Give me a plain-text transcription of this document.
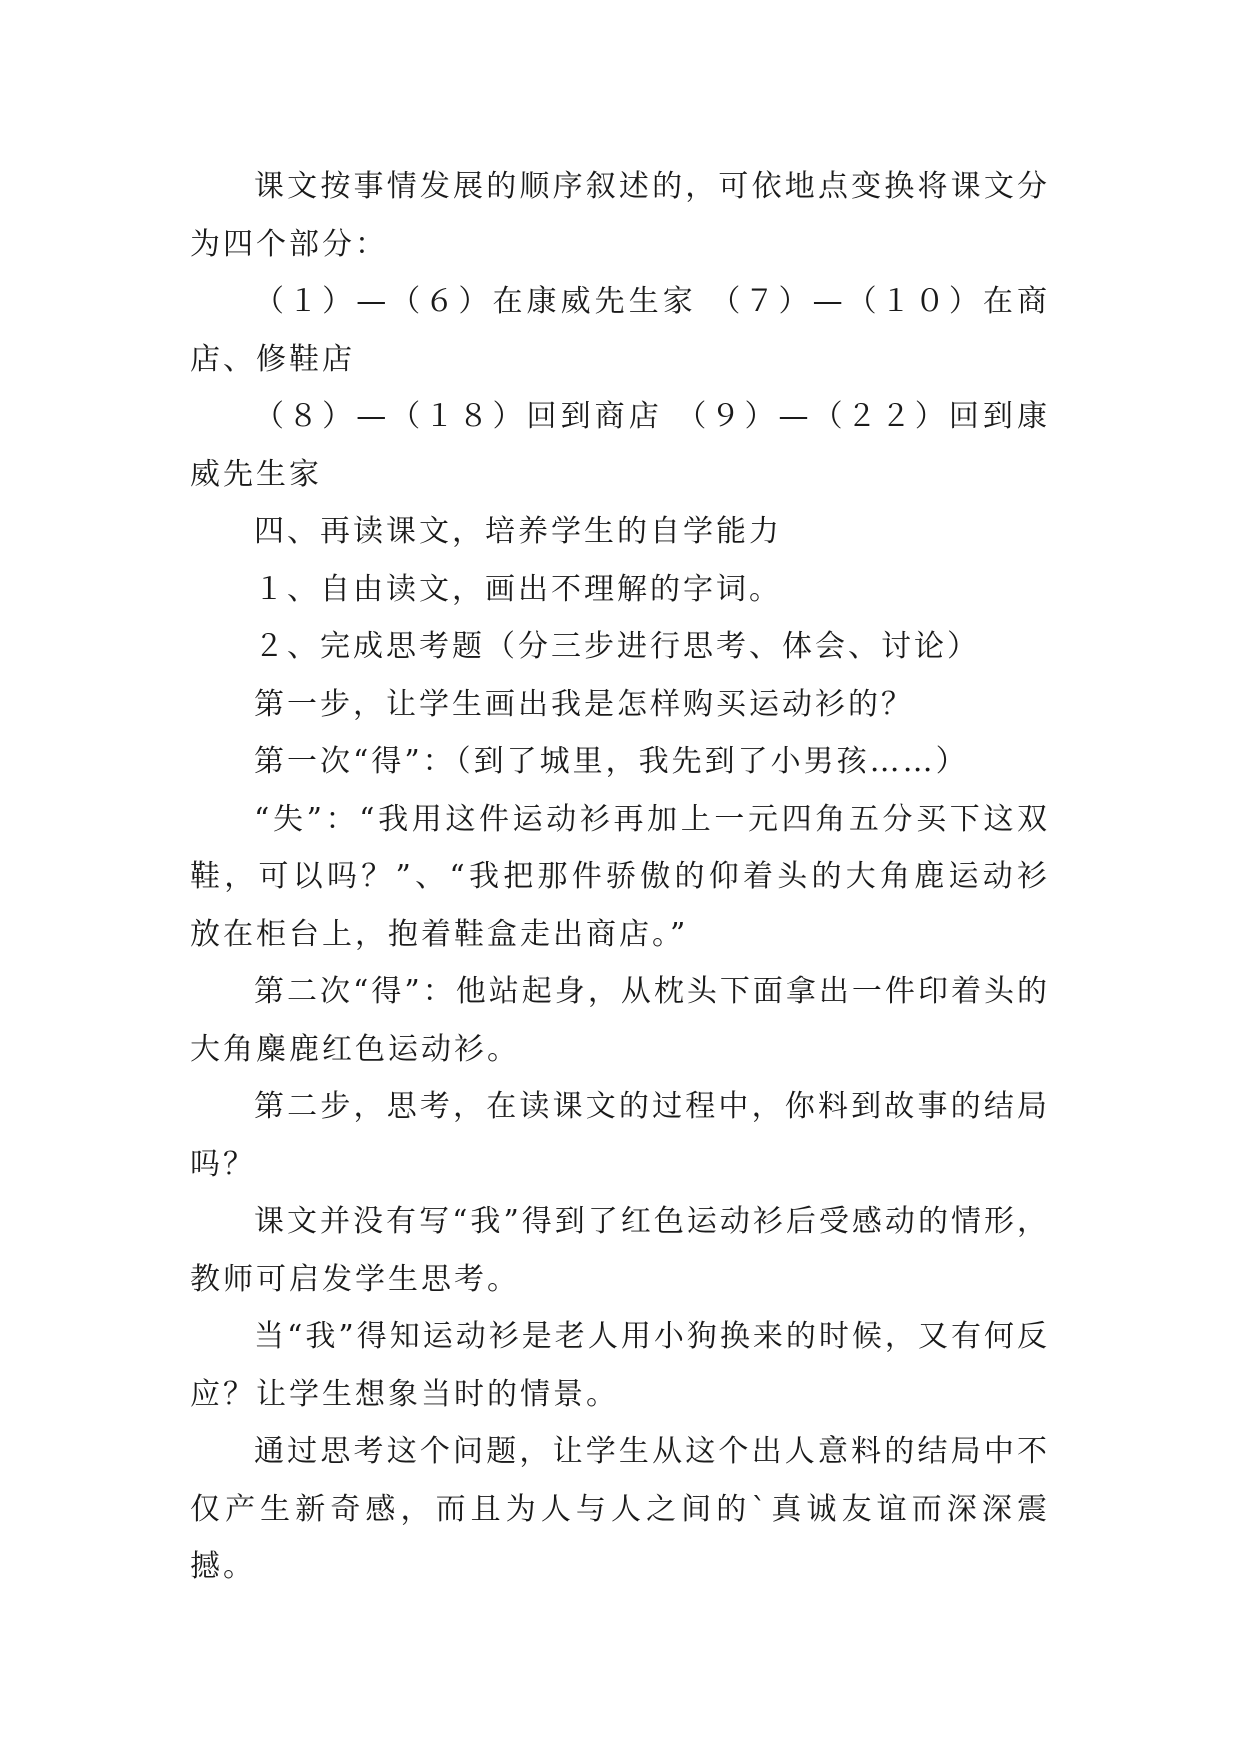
课文按事情发展的顺序叙述的，可依地点变换将课文分为四个部分：

（１）—（６）在康威先生家 （７）—（１０）在商店、修鞋店

（８）—（１８）回到商店 （９）—（２２）回到康威先生家

四、再读课文，培养学生的自学能力

１、自由读文，画出不理解的字词。

２、完成思考题（分三步进行思考、体会、讨论）

第一步，让学生画出我是怎样购买运动衫的？

第一次“得”：（到了城里，我先到了小男孩……）

“失”：“我用这件运动衫再加上一元四角五分买下这双鞋，可以吗？”、“我把那件骄傲的仰着头的大角鹿运动衫放在柜台上，抱着鞋盒走出商店。”

第二次“得”：他站起身，从枕头下面拿出一件印着头的大角麋鹿红色运动衫。

第二步，思考，在读课文的过程中，你料到故事的结局吗？

课文并没有写“我”得到了红色运动衫后受感动的情形，教师可启发学生思考。

当“我”得知运动衫是老人用小狗换来的时候，又有何反应？让学生想象当时的情景。

通过思考这个问题，让学生从这个出人意料的结局中不仅产生新奇感，而且为人与人之间的`真诚友谊而深深震撼。
